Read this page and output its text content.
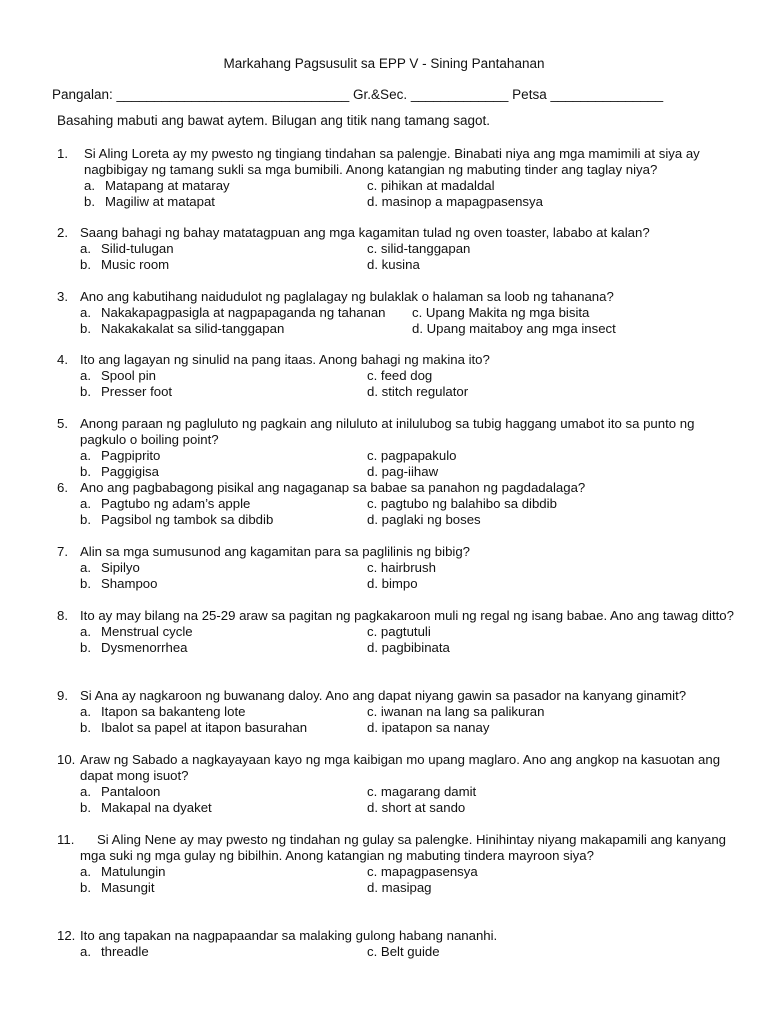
Markahang Pagsusulit sa EPP V - Sining Pantahanan
Pangalan: _______________________________ Gr.&Sec. _____________ Petsa _______________
Basahing mabuti ang bawat aytem. Bilugan ang titik nang tamang sagot.
1.	Si Aling Loreta ay my pwesto ng tingiang tindahan sa palengje. Binabati niya ang mga mamimili at siya ay nagbibigay ng tamang sukli sa mga bumibili. Anong katangian ng mabuting tinder ang taglay niya?
a. Matapang at mataray	c. pihikan at madaldal
b. Magiliw at matapat	d. masinop a mapagpasensya
2. Saang bahagi ng bahay matatagpuan ang mga kagamitan tulad ng oven toaster, lababo at kalan?
a. Silid-tulugan	c. silid-tanggapan
b. Music room	d. kusina
3. Ano ang kabutihang naidudulot ng paglalagay ng bulaklak o halaman sa loob ng tahanana?
a. Nakakapagpasigla at nagpapaganda ng tahanan c. Upang Makita ng mga bisita
b. Nakakakalat sa silid-tanggapan	d. Upang maitaboy ang mga insect
4. Ito ang lagayan ng sinulid na pang itaas. Anong bahagi ng makina ito?
a. Spool pin	c. feed dog
b. Presser foot	d. stitch regulator
5. Anong paraan ng pagluluto ng pagkain ang niluluto at inilulubog sa tubig haggang umabot ito sa punto ng pagkulo o boiling point?
a. Pagpiprito	c. pagpapakulo
b. Paggigisa	d. pag-iihaw
6. Ano ang pagbabagong pisikal ang nagaganap sa babae sa panahon ng pagdadalaga?
a. Pagtubo ng adam’s apple	c. pagtubo ng balahibo sa dibdib
b. Pagsibol ng tambok sa dibdib	d. paglaki ng boses
7. Alin sa mga sumusunod ang kagamitan para sa paglilinis ng bibig?
a. Sipilyo	c. hairbrush
b. Shampoo	d. bimpo
8. Ito ay may bilang na 25-29 araw sa pagitan ng pagkakaroon muli ng regal ng isang babae. Ano ang tawag ditto?
a. Menstrual cycle	c. pagtutuli
b. Dysmenorrhea	d. pagbibinata
9. Si Ana ay nagkaroon ng buwanang daloy. Ano ang dapat niyang gawin sa pasador na kanyang ginamit?
a. Itapon sa bakanteng lote	c. iwanan na lang sa palikuran
b. Ibalot sa papel at itapon basurahan	d. ipatapon sa nanay
10. Araw ng Sabado a nagkayayaan kayo ng mga kaibigan mo upang maglaro. Ano ang angkop na kasuotan ang dapat mong isuot?
a. Pantaloon	c. magarang damit
b. Makapal na dyaket	d. short at sando
11.	Si Aling Nene ay may pwesto ng tindahan ng gulay sa palengke. Hinihintay niyang makapamili ang kanyang mga suki ng mga gulay ng bibilhin. Anong katangian ng mabuting tindera mayroon siya?
a. Matulungin	c. mapagpasensya
b. Masungit	d. masipag
12. Ito ang tapakan na nagpapaandar sa malaking gulong habang nananhi.
a. threadle	c. Belt guide
